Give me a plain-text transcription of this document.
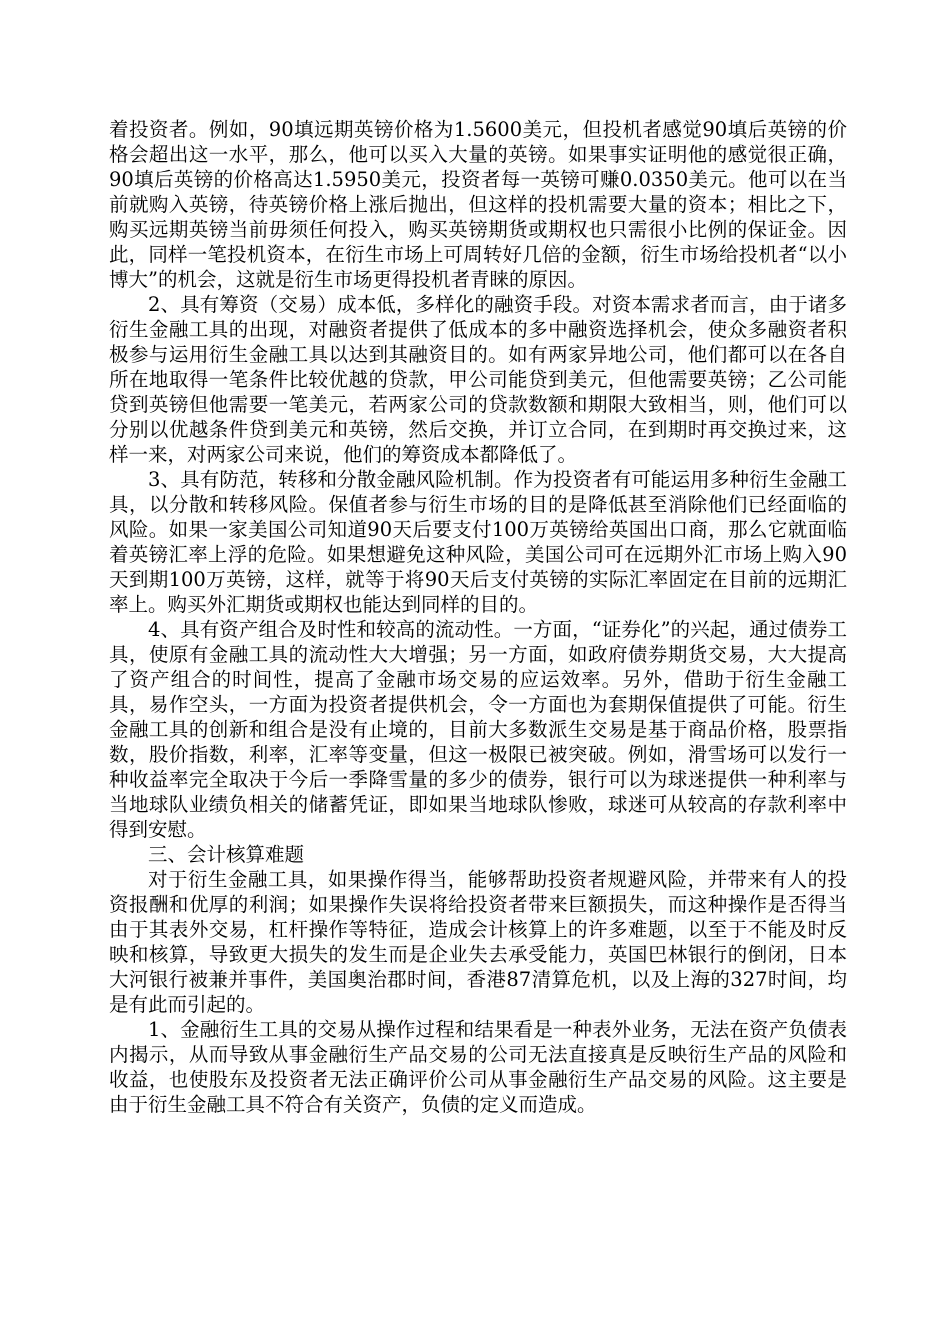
着投资者。例如，90填远期英镑价格为1.5600美元，但投机者感觉90填后英镑的价格会超出这一水平，那么，他可以买入大量的英镑。如果事实证明他的感觉很正确，90填后英镑的价格高达1.5950美元，投资者每一英镑可赚0.0350美元。他可以在当前就购入英镑，待英镑价格上涨后抛出，但这样的投机需要大量的资本；相比之下，购买远期英镑当前毋须任何投入，购买英镑期货或期权也只需很小比例的保证金。因此，同样一笔投机资本，在衍生市场上可周转好几倍的金额，衍生市场给投机者“以小博大”的机会，这就是衍生市场更得投机者青睐的原因。

2、具有筹资（交易）成本低，多样化的融资手段。对资本需求者而言，由于诸多衍生金融工具的出现，对融资者提供了低成本的多中融资选择机会，使众多融资者积极参与运用衍生金融工具以达到其融资目的。如有两家异地公司，他们都可以在各自所在地取得一笔条件比较优越的贷款，甲公司能贷到美元，但他需要英镑；乙公司能贷到英镑但他需要一笔美元，若两家公司的贷款数额和期限大致相当，则，他们可以分别以优越条件贷到美元和英镑，然后交换，并订立合同，在到期时再交换过来，这样一来，对两家公司来说，他们的筹资成本都降低了。

3、具有防范，转移和分散金融风险机制。作为投资者有可能运用多种衍生金融工具，以分散和转移风险。保值者参与衍生市场的目的是降低甚至消除他们已经面临的风险。如果一家美国公司知道90天后要支付100万英镑给英国出口商，那么它就面临着英镑汇率上浮的危险。如果想避免这种风险，美国公司可在远期外汇市场上购入90天到期100万英镑，这样，就等于将90天后支付英镑的实际汇率固定在目前的远期汇率上。购买外汇期货或期权也能达到同样的目的。

4、具有资产组合及时性和较高的流动性。一方面，“证券化”的兴起，通过债券工具，使原有金融工具的流动性大大增强；另一方面，如政府债券期货交易，大大提高了资产组合的时间性，提高了金融市场交易的应运效率。另外，借助于衍生金融工具，易作空头，一方面为投资者提供机会，令一方面也为套期保值提供了可能。衍生金融工具的创新和组合是没有止境的，目前大多数派生交易是基于商品价格，股票指数，股价指数，利率，汇率等变量，但这一极限已被突破。例如，滑雪场可以发行一种收益率完全取决于今后一季降雪量的多少的债券，银行可以为球迷提供一种利率与当地球队业绩负相关的储蓄凭证，即如果当地球队惨败，球迷可从较高的存款利率中得到安慰。

三、会计核算难题

对于衍生金融工具，如果操作得当，能够帮助投资者规避风险，并带来有人的投资报酬和优厚的利润；如果操作失误将给投资者带来巨额损失，而这种操作是否得当由于其表外交易，杠杆操作等特征，造成会计核算上的许多难题，以至于不能及时反映和核算，导致更大损失的发生而是企业失去承受能力，英国巴林银行的倒闭，日本大河银行被兼并事件，美国奥治郡时间，香港87清算危机，以及上海的327时间，均是有此而引起的。

1、金融衍生工具的交易从操作过程和结果看是一种表外业务，无法在资产负债表内揭示，从而导致从事金融衍生产品交易的公司无法直接真是反映衍生产品的风险和收益，也使股东及投资者无法正确评价公司从事金融衍生产品交易的风险。这主要是由于衍生金融工具不符合有关资产，负债的定义而造成。
